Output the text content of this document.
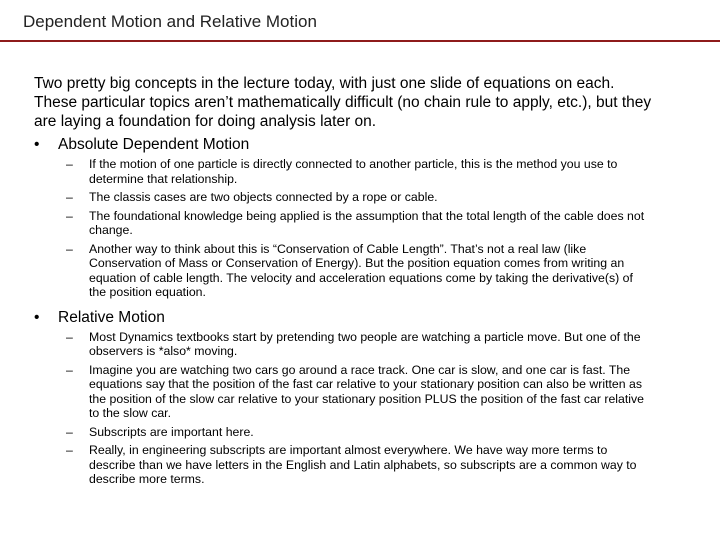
Dependent Motion and Relative Motion

Two pretty big concepts in the lecture today, with just one slide of equations on each. These particular topics aren’t mathematically difficult (no chain rule to apply, etc.), but they are laying a foundation for doing analysis later on.

• Absolute Dependent Motion
– If the motion of one particle is directly connected to another particle, this is the method you use to determine that relationship.
– The classis cases are two objects connected by a rope or cable.
– The foundational knowledge being applied is the assumption that the total length of the cable does not change.
– Another way to think about this is “Conservation of Cable Length”. That’s not a real law (like Conservation of Mass or Conservation of Energy). But the position equation comes from writing an equation of cable length. The velocity and acceleration equations come by taking the derivative(s) of the position equation.
• Relative Motion
– Most Dynamics textbooks start by pretending two people are watching a particle move. But one of the observers is *also* moving.
– Imagine you are watching two cars go around a race track. One car is slow, and one car is fast. The equations say that the position of the fast car relative to your stationary position can also be written as the position of the slow car relative to your stationary position PLUS the position of the fast car relative to the slow car.
– Subscripts are important here.
– Really, in engineering subscripts are important almost everywhere. We have way more terms to describe than we have letters in the English and Latin alphabets, so subscripts are a common way to describe more terms.
